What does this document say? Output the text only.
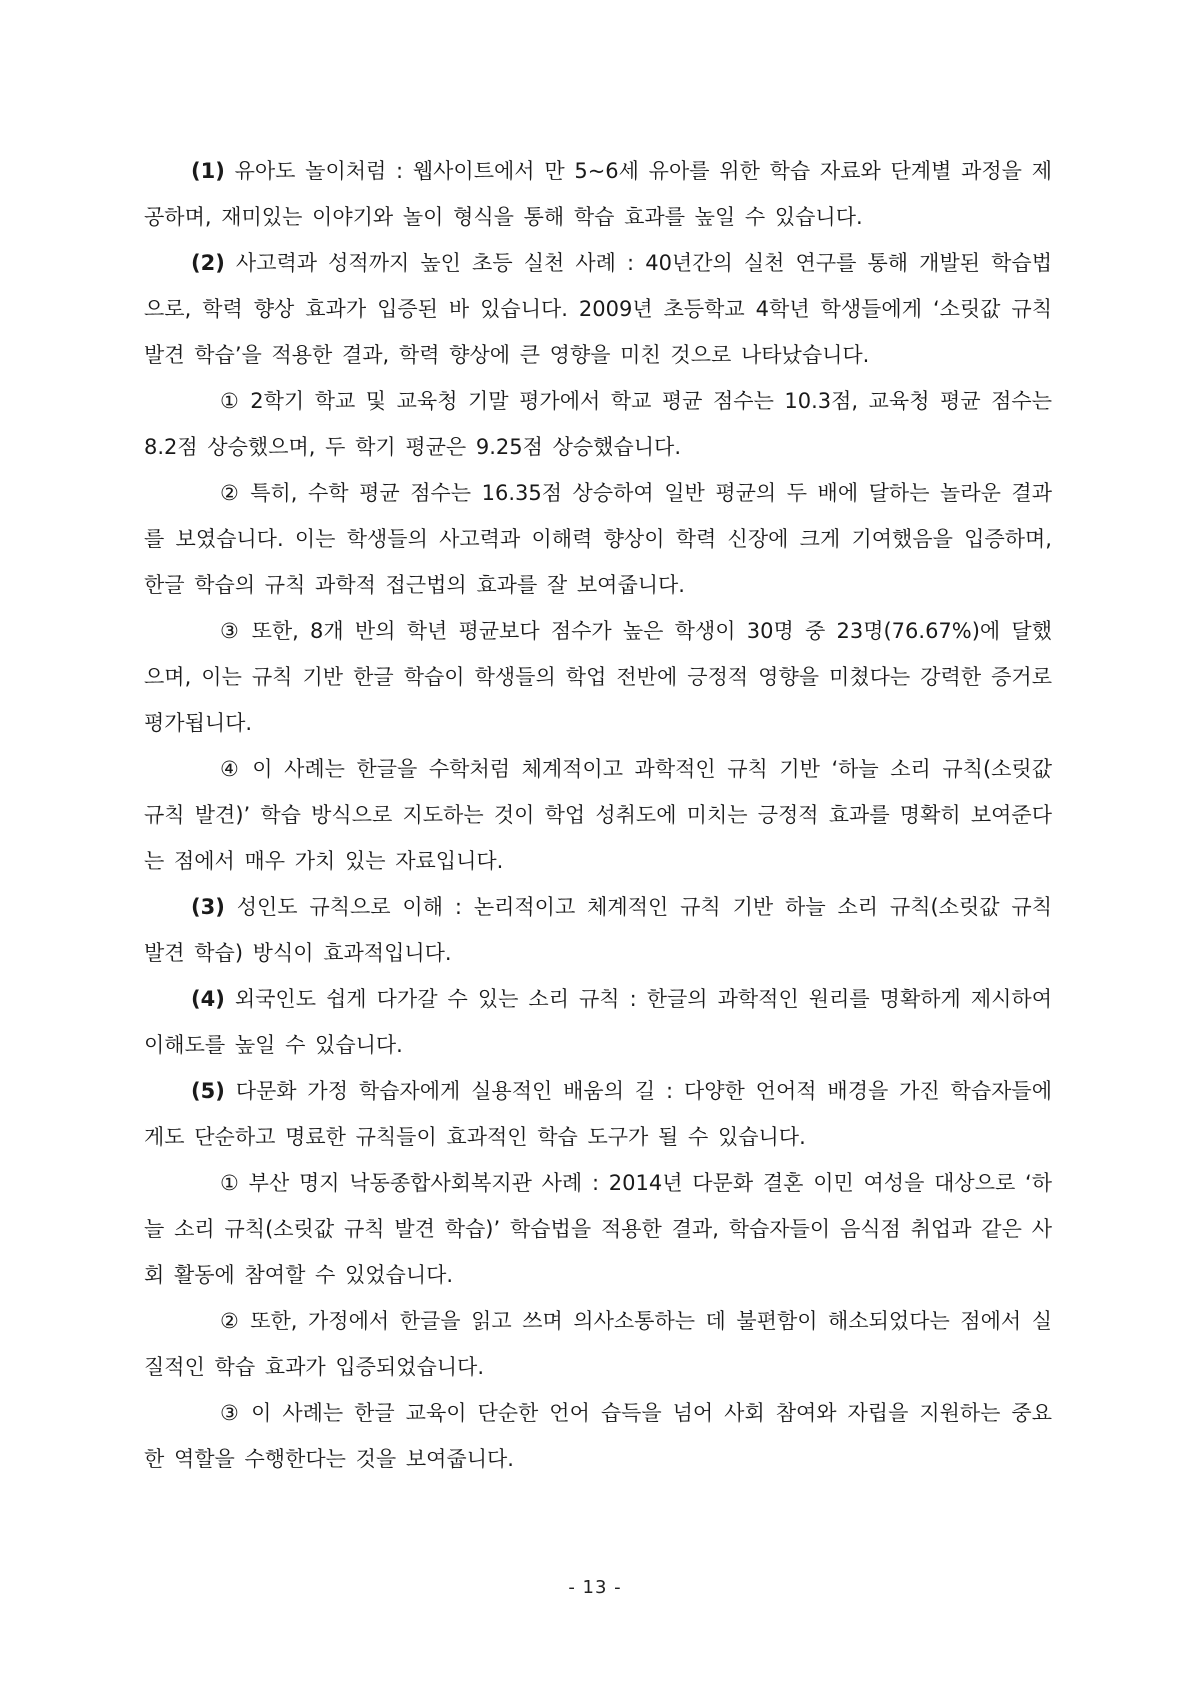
(1) 유아도 놀이처럼 : 웹사이트에서 만 5~6세 유아를 위한 학습 자료와 단계별 과정을 제공하며, 재미있는 이야기와 놀이 형식을 통해 학습 효과를 높일 수 있습니다.

(2) 사고력과 성적까지 높인 초등 실천 사례 : 40년간의 실천 연구를 통해 개발된 학습법으로, 학력 향상 효과가 입증된 바 있습니다. 2009년 초등학교 4학년 학생들에게 ‘소릿값 규칙 발견 학습’을 적용한 결과, 학력 향상에 큰 영향을 미친 것으로 나타났습니다.

① 2학기 학교 및 교육청 기말 평가에서 학교 평균 점수는 10.3점, 교육청 평균 점수는 8.2점 상승했으며, 두 학기 평균은 9.25점 상승했습니다.

② 특히, 수학 평균 점수는 16.35점 상승하여 일반 평균의 두 배에 달하는 놀라운 결과를 보였습니다. 이는 학생들의 사고력과 이해력 향상이 학력 신장에 크게 기여했음을 입증하며, 한글 학습의 규칙 과학적 접근법의 효과를 잘 보여줍니다.

③ 또한, 8개 반의 학년 평균보다 점수가 높은 학생이 30명 중 23명(76.67%)에 달했으며, 이는 규칙 기반 한글 학습이 학생들의 학업 전반에 긍정적 영향을 미쳤다는 강력한 증거로 평가됩니다.

④ 이 사례는 한글을 수학처럼 체계적이고 과학적인 규칙 기반 ‘하늘 소리 규칙(소릿값 규칙 발견)’ 학습 방식으로 지도하는 것이 학업 성취도에 미치는 긍정적 효과를 명확히 보여준다는 점에서 매우 가치 있는 자료입니다.

(3) 성인도 규칙으로 이해 : 논리적이고 체계적인 규칙 기반 하늘 소리 규칙(소릿값 규칙 발견 학습) 방식이 효과적입니다.

(4) 외국인도 쉽게 다가갈 수 있는 소리 규칙 : 한글의 과학적인 원리를 명확하게 제시하여 이해도를 높일 수 있습니다.

(5) 다문화 가정 학습자에게 실용적인 배움의 길 : 다양한 언어적 배경을 가진 학습자들에게도 단순하고 명료한 규칙들이 효과적인 학습 도구가 될 수 있습니다.

① 부산 명지 낙동종합사회복지관 사례 : 2014년 다문화 결혼 이민 여성을 대상으로 ‘하늘 소리 규칙(소릿값 규칙 발견 학습)’ 학습법을 적용한 결과, 학습자들이 음식점 취업과 같은 사회 활동에 참여할 수 있었습니다.

② 또한, 가정에서 한글을 읽고 쓰며 의사소통하는 데 불편함이 해소되었다는 점에서 실질적인 학습 효과가 입증되었습니다.

③ 이 사례는 한글 교육이 단순한 언어 습득을 넘어 사회 참여와 자립을 지원하는 중요한 역할을 수행한다는 것을 보여줍니다.

- 13 -
